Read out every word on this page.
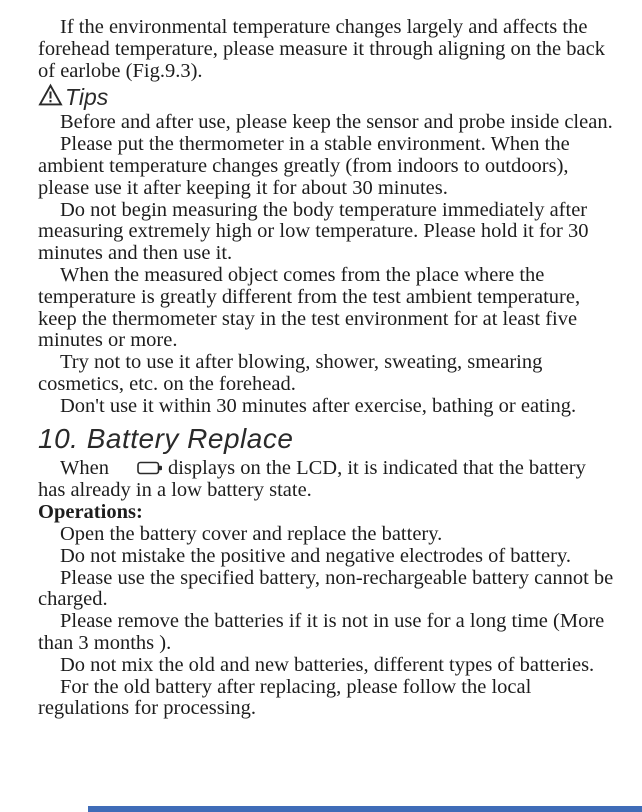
If the environmental temperature changes largely and affects the forehead temperature, please measure it through aligning on the back of earlobe (Fig.9.3).

Tips

Before and after use, please keep the sensor and probe inside clean.

Please put the thermometer in a stable environment. When the ambient temperature changes greatly (from indoors to outdoors), please use it after keeping it for about 30 minutes.

Do not begin measuring the body temperature immediately after measuring extremely high or low temperature. Please hold it for 30 minutes and then use it.

When the measured object comes from the place where the temperature is greatly different from the test ambient temperature, keep the thermometer stay in the test environment for at least five minutes or more.

Try not to use it after blowing, shower, sweating, smearing cosmetics, etc. on the forehead.

Don't use it within 30 minutes after exercise, bathing or eating.

10. Battery Replace

When	displays on the LCD, it is indicated that the battery has already in a low battery state.

Operations:

Open the battery cover and replace the battery.

Do not mistake the positive and negative electrodes of battery.

Please use the specified battery, non-rechargeable battery cannot be charged.

Please remove the batteries if it is not in use for a long time (More than 3 months ).

Do not mix the old and new batteries, different types of batteries.

For the old battery after replacing, please follow the local regulations for processing.
